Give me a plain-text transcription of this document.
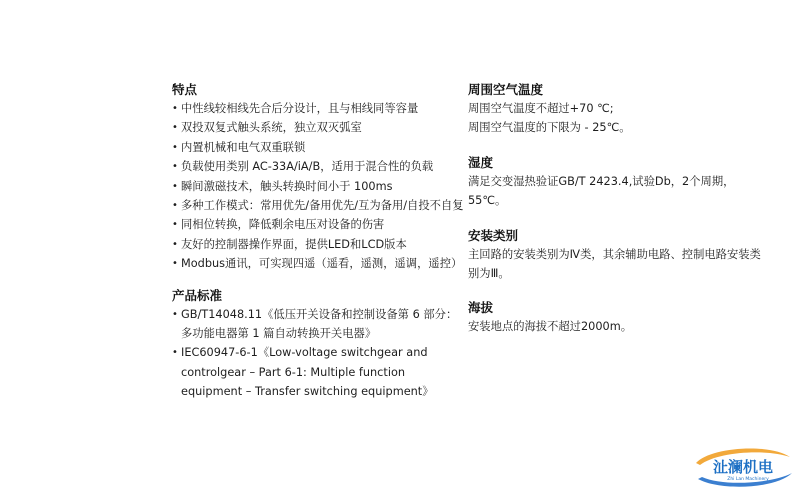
特点
• 中性线较相线先合后分设计，且与相线同等容量
• 双投双复式触头系统，独立双灭弧室
• 内置机械和电气双重联锁
• 负载使用类别 AC-33A/iA/B，适用于混合性的负载
• 瞬间激磁技术，触头转换时间小于 100ms
• 多种工作模式：常用优先/备用优先/互为备用/自投不自复
• 同相位转换，降低剩余电压对设备的伤害
• 友好的控制器操作界面，提供LED和LCD版本
• Modbus通讯，可实现四遥（遥看，遥测，遥调，遥控）
产品标准
• GB/T14048.11《低压开关设备和控制设备第 6 部分：多功能电器第 1 篇自动转换开关电器》
• IEC60947-6-1《Low-voltage switchgear and controlgear – Part 6-1: Multiple function equipment – Transfer switching equipment》
周围空气温度

周围空气温度不超过+70 ℃;

周围空气温度的下限为 - 25℃。

湿度

满足交变湿热验证GB/T 2423.4,试验Db，2个周期，55℃。

安装类别

主回路的安装类别为Ⅳ类，其余辅助电路、控制电路安装类别为Ⅲ。

海拔

安装地点的海拔不超过2000m。

沚澜机电
Zhi Lan Machinery
